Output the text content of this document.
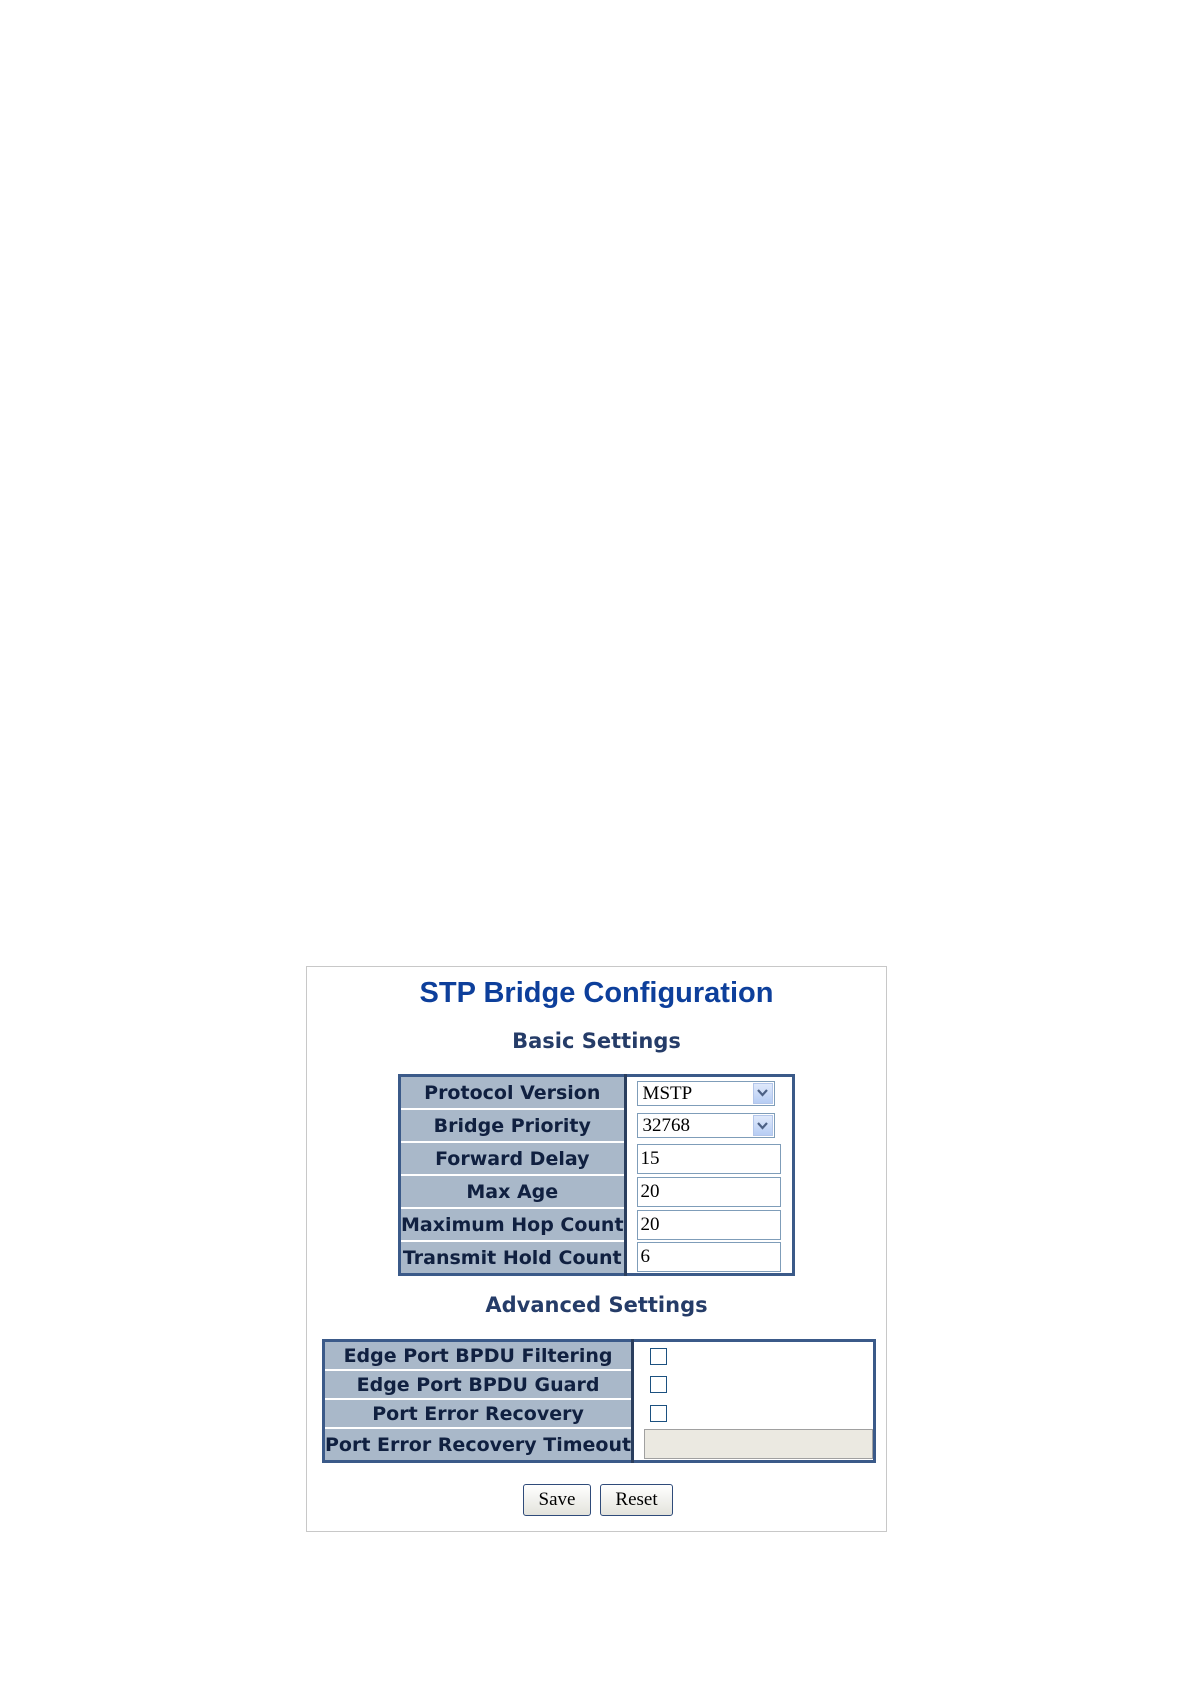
STP Bridge Configuration
Basic Settings
Protocol Version	MSTP

Bridge Priority	32768

Forward Delay	15

Max Age	20

Maximum Hop Count	20

Transmit Hold Count	6
Advanced Settings
Edge Port BPDU Filtering	

Edge Port BPDU Guard	

Port Error Recovery	

Port Error Recovery Timeout	
Save	Reset
